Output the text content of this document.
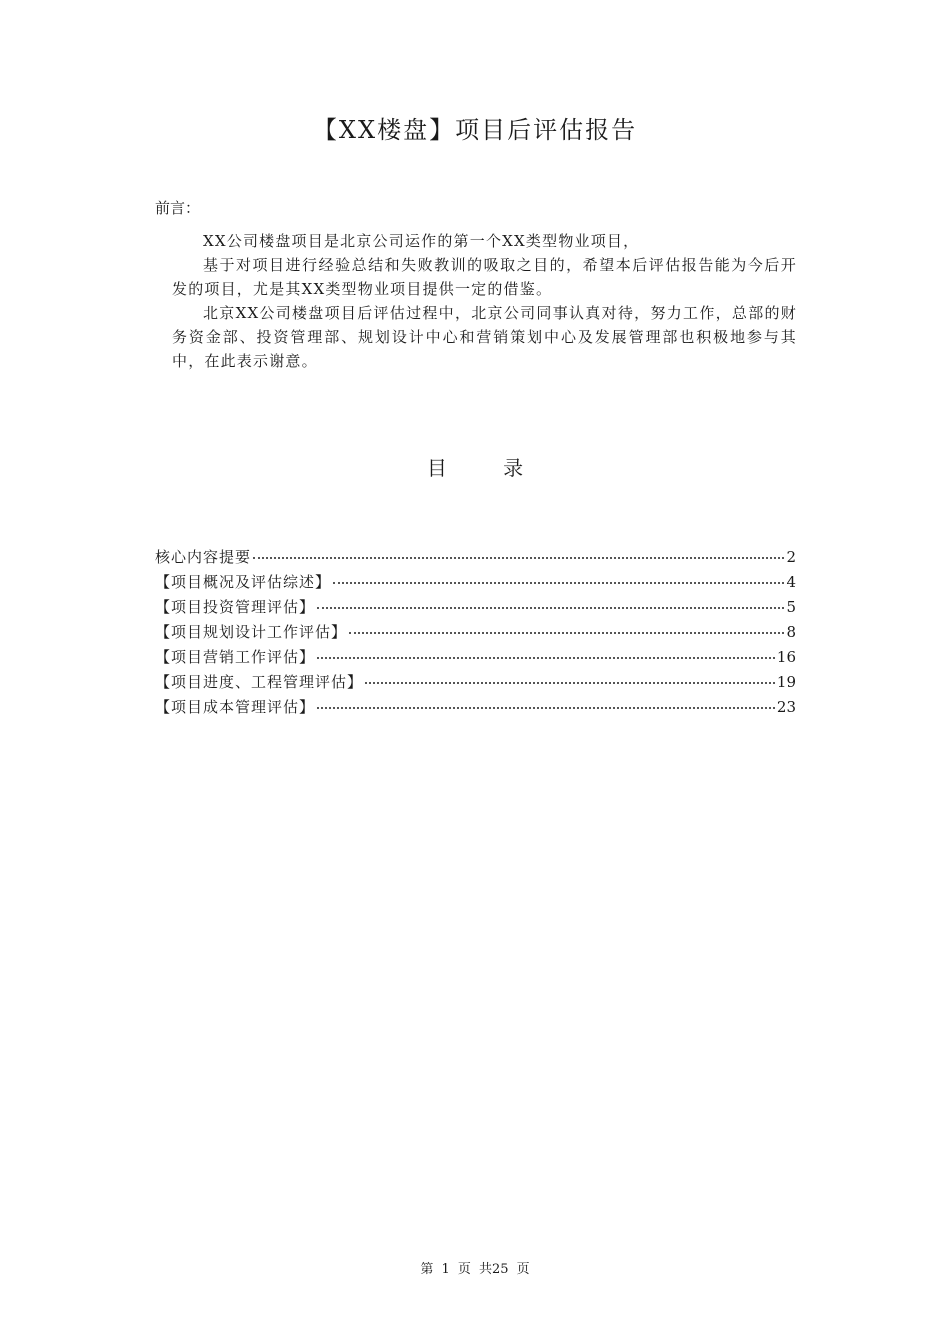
【XX楼盘】项目后评估报告

前言：

XX公司楼盘项目是北京公司运作的第一个XX类型物业项目，

基于对项目进行经验总结和失败教训的吸取之目的，希望本后评估报告能为今后开发的项目，尤是其XX类型物业项目提供一定的借鉴。

北京XX公司楼盘项目后评估过程中，北京公司同事认真对待，努力工作，总部的财务资金部、投资管理部、规划设计中心和营销策划中心及发展管理部也积极地参与其中，在此表示谢意。

目 录
核心内容提要	2
【项目概况及评估综述】	4
【项目投资管理评估】	5
【项目规划设计工作评估】	8
【项目营销工作评估】	16
【项目进度、工程管理评估】	19
【项目成本管理评估】	23
第 1 页 共25 页
